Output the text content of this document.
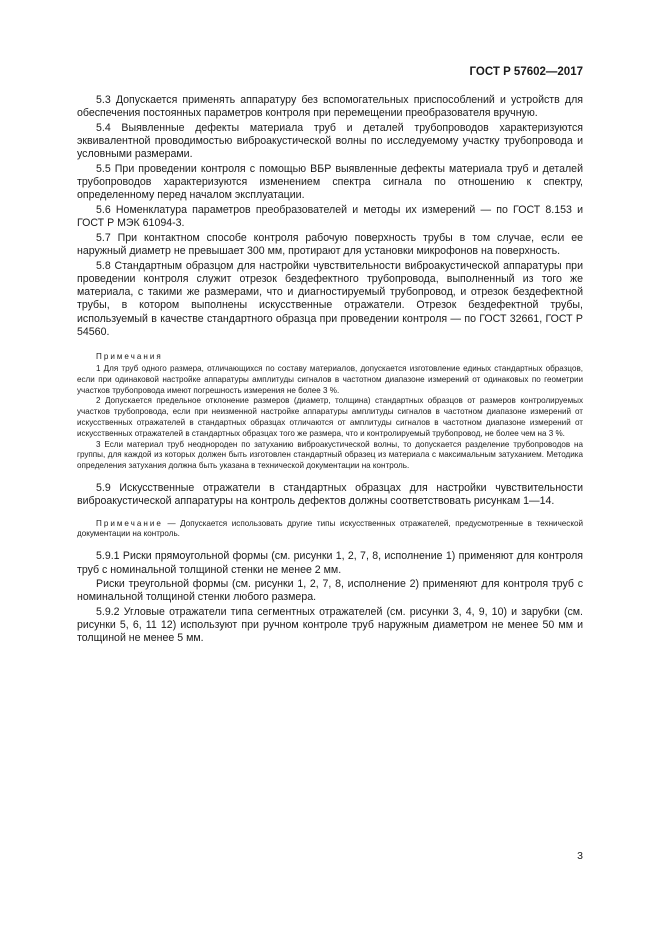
ГОСТ Р 57602—2017

5.3 Допускается применять аппаратуру без вспомогательных приспособлений и устройств для обеспечения постоянных параметров контроля при перемещении преобразователя вручную.

5.4 Выявленные дефекты материала труб и деталей трубопроводов характеризуются эквивалентной проводимостью виброакустической волны по исследуемому участку трубопровода и условными размерами.

5.5 При проведении контроля с помощью ВБР выявленные дефекты материала труб и деталей трубопроводов характеризуются изменением спектра сигнала по отношению к спектру, определенному перед началом эксплуатации.

5.6 Номенклатура параметров преобразователей и методы их измерений — по ГОСТ 8.153 и ГОСТ Р МЭК 61094-3.

5.7 При контактном способе контроля рабочую поверхность трубы в том случае, если ее наружный диаметр не превышает 300 мм, протирают для установки микрофонов на поверхность.

5.8 Стандартным образцом для настройки чувствительности виброакустической аппаратуры при проведении контроля служит отрезок бездефектного трубопровода, выполненный из того же материала, с такими же размерами, что и диагностируемый трубопровод, и отрезок бездефектной трубы, в котором выполнены искусственные отражатели. Отрезок бездефектной трубы, используемый в качестве стандартного образца при проведении контроля — по ГОСТ 32661, ГОСТ Р 54560.

Примечания

1 Для труб одного размера, отличающихся по составу материалов, допускается изготовление единых стандартных образцов, если при одинаковой настройке аппаратуры амплитуды сигналов в частотном диапазоне измерений от одинаковых по геометрии участков трубопровода имеют погрешность измерения не более 3 %.

2 Допускается предельное отклонение размеров (диаметр, толщина) стандартных образцов от размеров контролируемых участков трубопровода, если при неизменной настройке аппаратуры амплитуды сигналов в частотном диапазоне измерений от искусственных отражателей в стандартных образцах отличаются от амплитуды сигналов в частотном диапазоне измерений от искусственных отражателей в стандартных образцах того же размера, что и контролируемый трубопровод, не более чем на 3 %.

3 Если материал труб неоднороден по затуханию виброакустической волны, то допускается разделение трубопроводов на группы, для каждой из которых должен быть изготовлен стандартный образец из материала с максимальным затуханием. Методика определения затухания должна быть указана в технической документации на контроль.

5.9 Искусственные отражатели в стандартных образцах для настройки чувствительности виброакустической аппаратуры на контроль дефектов должны соответствовать рисункам 1—14.

Примечание — Допускается использовать другие типы искусственных отражателей, предусмотренные в технической документации на контроль.

5.9.1 Риски прямоугольной формы (см. рисунки 1, 2, 7, 8, исполнение 1) применяют для контроля труб с номинальной толщиной стенки не менее 2 мм.

Риски треугольной формы (см. рисунки 1, 2, 7, 8, исполнение 2) применяют для контроля труб с номинальной толщиной стенки любого размера.

5.9.2 Угловые отражатели типа сегментных отражателей (см. рисунки 3, 4, 9, 10) и зарубки (см. рисунки 5, 6, 11 12) используют при ручном контроле труб наружным диаметром не менее 50 мм и толщиной не менее 5 мм.

3
